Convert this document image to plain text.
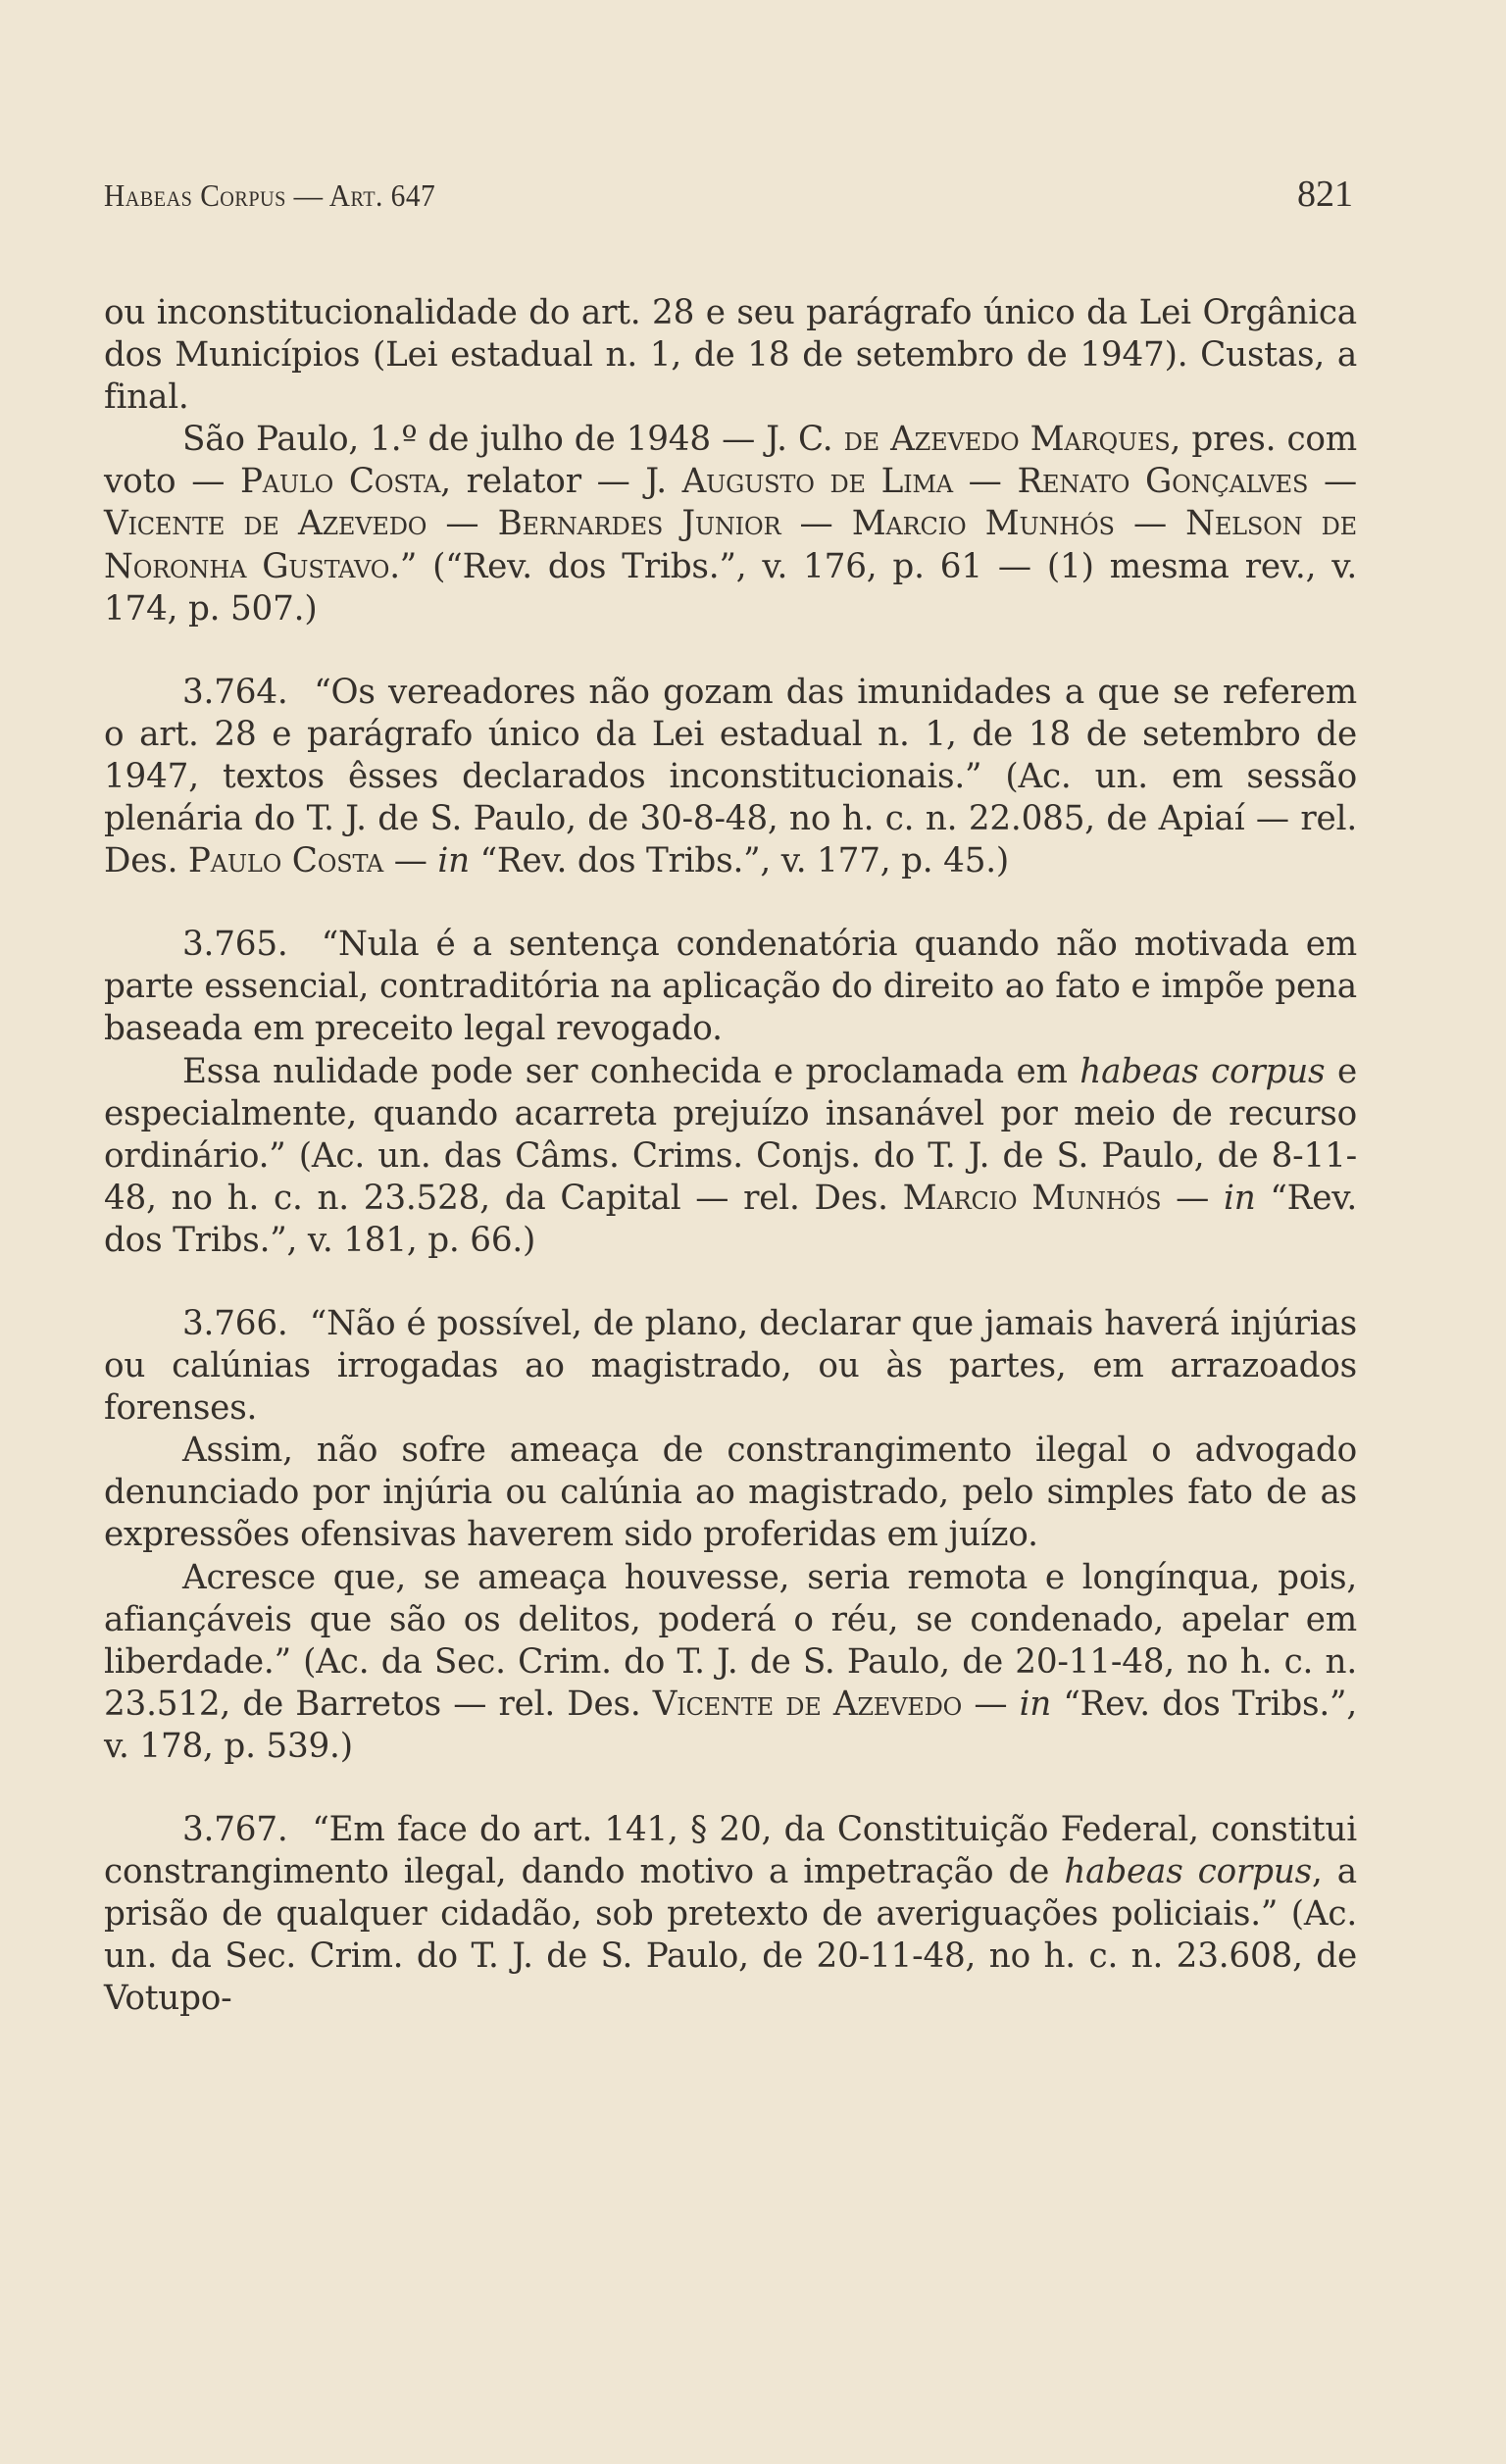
Habeas Corpus — Art. 647	821

ou inconstitucionalidade do art. 28 e seu parágrafo único da Lei Orgânica dos Municípios (Lei estadual n. 1, de 18 de setembro de 1947). Custas, a final.

São Paulo, 1.º de julho de 1948 — J. C. de Azevedo Marques, pres. com voto — Paulo Costa, relator — J. Augusto de Lima — Renato Gonçalves — Vicente de Azevedo — Bernardes Junior — Marcio Munhós — Nelson de Noronha Gustavo.” (“Rev. dos Tribs.”, v. 176, p. 61 — (1) mesma rev., v. 174, p. 507.)

3.764. “Os vereadores não gozam das imunidades a que se referem o art. 28 e parágrafo único da Lei estadual n. 1, de 18 de setembro de 1947, textos êsses declarados inconstitucionais.” (Ac. un. em sessão plenária do T. J. de S. Paulo, de 30-8-48, no h. c. n. 22.085, de Apiaí — rel. Des. Paulo Costa — in “Rev. dos Tribs.”, v. 177, p. 45.)

3.765. “Nula é a sentença condenatória quando não motivada em parte essencial, contraditória na aplicação do direito ao fato e impõe pena baseada em preceito legal revogado.

Essa nulidade pode ser conhecida e proclamada em habeas corpus e especialmente, quando acarreta prejuízo insanável por meio de recurso ordinário.” (Ac. un. das Câms. Crims. Conjs. do T. J. de S. Paulo, de 8-11-48, no h. c. n. 23.528, da Capital — rel. Des. Marcio Munhós — in “Rev. dos Tribs.”, v. 181, p. 66.)

3.766. “Não é possível, de plano, declarar que jamais haverá injúrias ou calúnias irrogadas ao magistrado, ou às partes, em arrazoados forenses.

Assim, não sofre ameaça de constrangimento ilegal o advogado denunciado por injúria ou calúnia ao magistrado, pelo simples fato de as expressões ofensivas haverem sido proferidas em juízo.

Acresce que, se ameaça houvesse, seria remota e longínqua, pois, afiançáveis que são os delitos, poderá o réu, se condenado, apelar em liberdade.” (Ac. da Sec. Crim. do T. J. de S. Paulo, de 20-11-48, no h. c. n. 23.512, de Barretos — rel. Des. Vicente de Azevedo — in “Rev. dos Tribs.”, v. 178, p. 539.)

3.767. “Em face do art. 141, § 20, da Constituição Federal, constitui constrangimento ilegal, dando motivo a impetração de habeas corpus, a prisão de qualquer cidadão, sob pretexto de averiguações policiais.” (Ac. un. da Sec. Crim. do T. J. de S. Paulo, de 20-11-48, no h. c. n. 23.608, de Votupo-
